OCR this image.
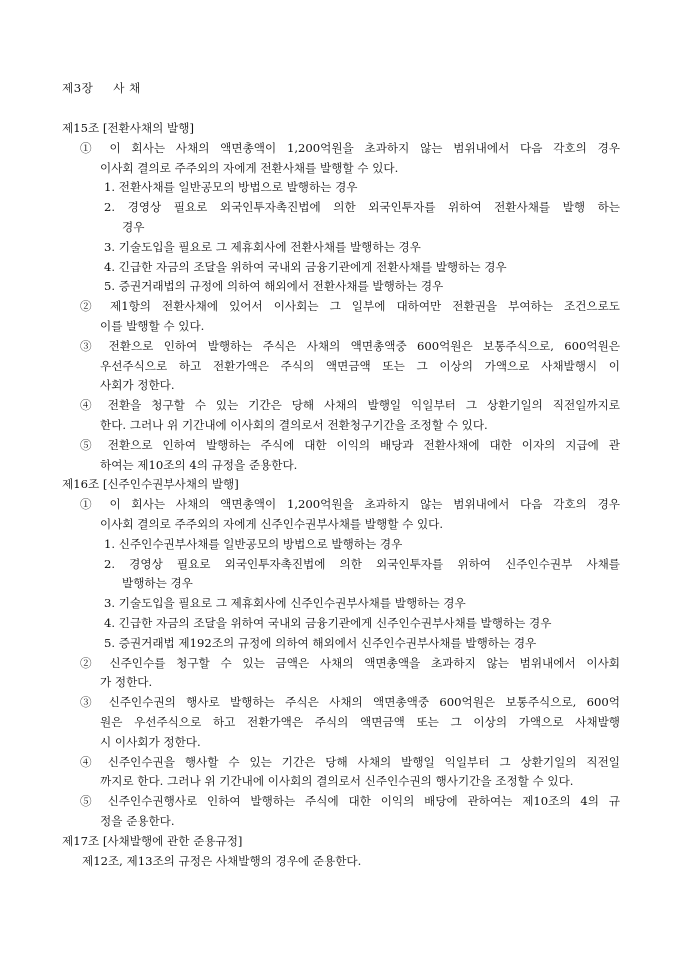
제3장 사 채
제15조 [전환사채의 발행]
① 이 회사는 사채의 액면총액이 1,200억원을 초과하지 않는 범위내에서 다음 각호의 경우
이사회 결의로 주주외의 자에게 전환사채를 발행할 수 있다.
1. 전환사채를 일반공모의 방법으로 발행하는 경우
2. 경영상 필요로 외국인투자촉진법에 의한 외국인투자를 위하여 전환사채를 발행 하는
경우
3. 기술도입을 필요로 그 제휴회사에 전환사채를 발행하는 경우
4. 긴급한 자금의 조달을 위하여 국내외 금융기관에게 전환사채를 발행하는 경우
5. 증권거래법의 규정에 의하여 해외에서 전환사채를 발행하는 경우
② 제1항의 전환사채에 있어서 이사회는 그 일부에 대하여만 전환권을 부여하는 조건으로도
이를 발행할 수 있다.
③ 전환으로 인하여 발행하는 주식은 사채의 액면총액중 600억원은 보통주식으로, 600억원은
우선주식으로 하고 전환가액은 주식의 액면금액 또는 그 이상의 가액으로 사채발행시 이
사회가 정한다.
④ 전환을 청구할 수 있는 기간은 당해 사채의 발행일 익일부터 그 상환기일의 직전일까지로
한다. 그러나 위 기간내에 이사회의 결의로서 전환청구기간을 조정할 수 있다.
⑤ 전환으로 인하여 발행하는 주식에 대한 이익의 배당과 전환사채에 대한 이자의 지급에 관
하여는 제10조의 4의 규정을 준용한다.
제16조 [신주인수권부사채의 발행]
① 이 회사는 사채의 액면총액이 1,200억원을 초과하지 않는 범위내에서 다음 각호의 경우
이사회 결의로 주주외의 자에게 신주인수권부사채를 발행할 수 있다.
1. 신주인수권부사채를 일반공모의 방법으로 발행하는 경우
2. 경영상 필요로 외국인투자촉진법에 의한 외국인투자를 위하여 신주인수권부 사채를
발행하는 경우
3. 기술도입을 필요로 그 제휴회사에 신주인수권부사채를 발행하는 경우
4. 긴급한 자금의 조달을 위하여 국내외 금융기관에게 신주인수권부사채를 발행하는 경우
5. 증권거래법 제192조의 규정에 의하여 해외에서 신주인수권부사채를 발행하는 경우
② 신주인수를 청구할 수 있는 금액은 사채의 액면총액을 초과하지 않는 범위내에서 이사회
가 정한다.
③ 신주인수권의 행사로 발행하는 주식은 사채의 액면총액중 600억원은 보통주식으로, 600억
원은 우선주식으로 하고 전환가액은 주식의 액면금액 또는 그 이상의 가액으로 사채발행
시 이사회가 정한다.
④ 신주인수권을 행사할 수 있는 기간은 당해 사채의 발행일 익일부터 그 상환기일의 직전일
까지로 한다. 그러나 위 기간내에 이사회의 결의로서 신주인수권의 행사기간을 조정할 수 있다.
⑤ 신주인수권행사로 인하여 발행하는 주식에 대한 이익의 배당에 관하여는 제10조의 4의 규
정을 준용한다.
제17조 [사채발행에 관한 준용규정]
제12조, 제13조의 규정은 사채발행의 경우에 준용한다.
